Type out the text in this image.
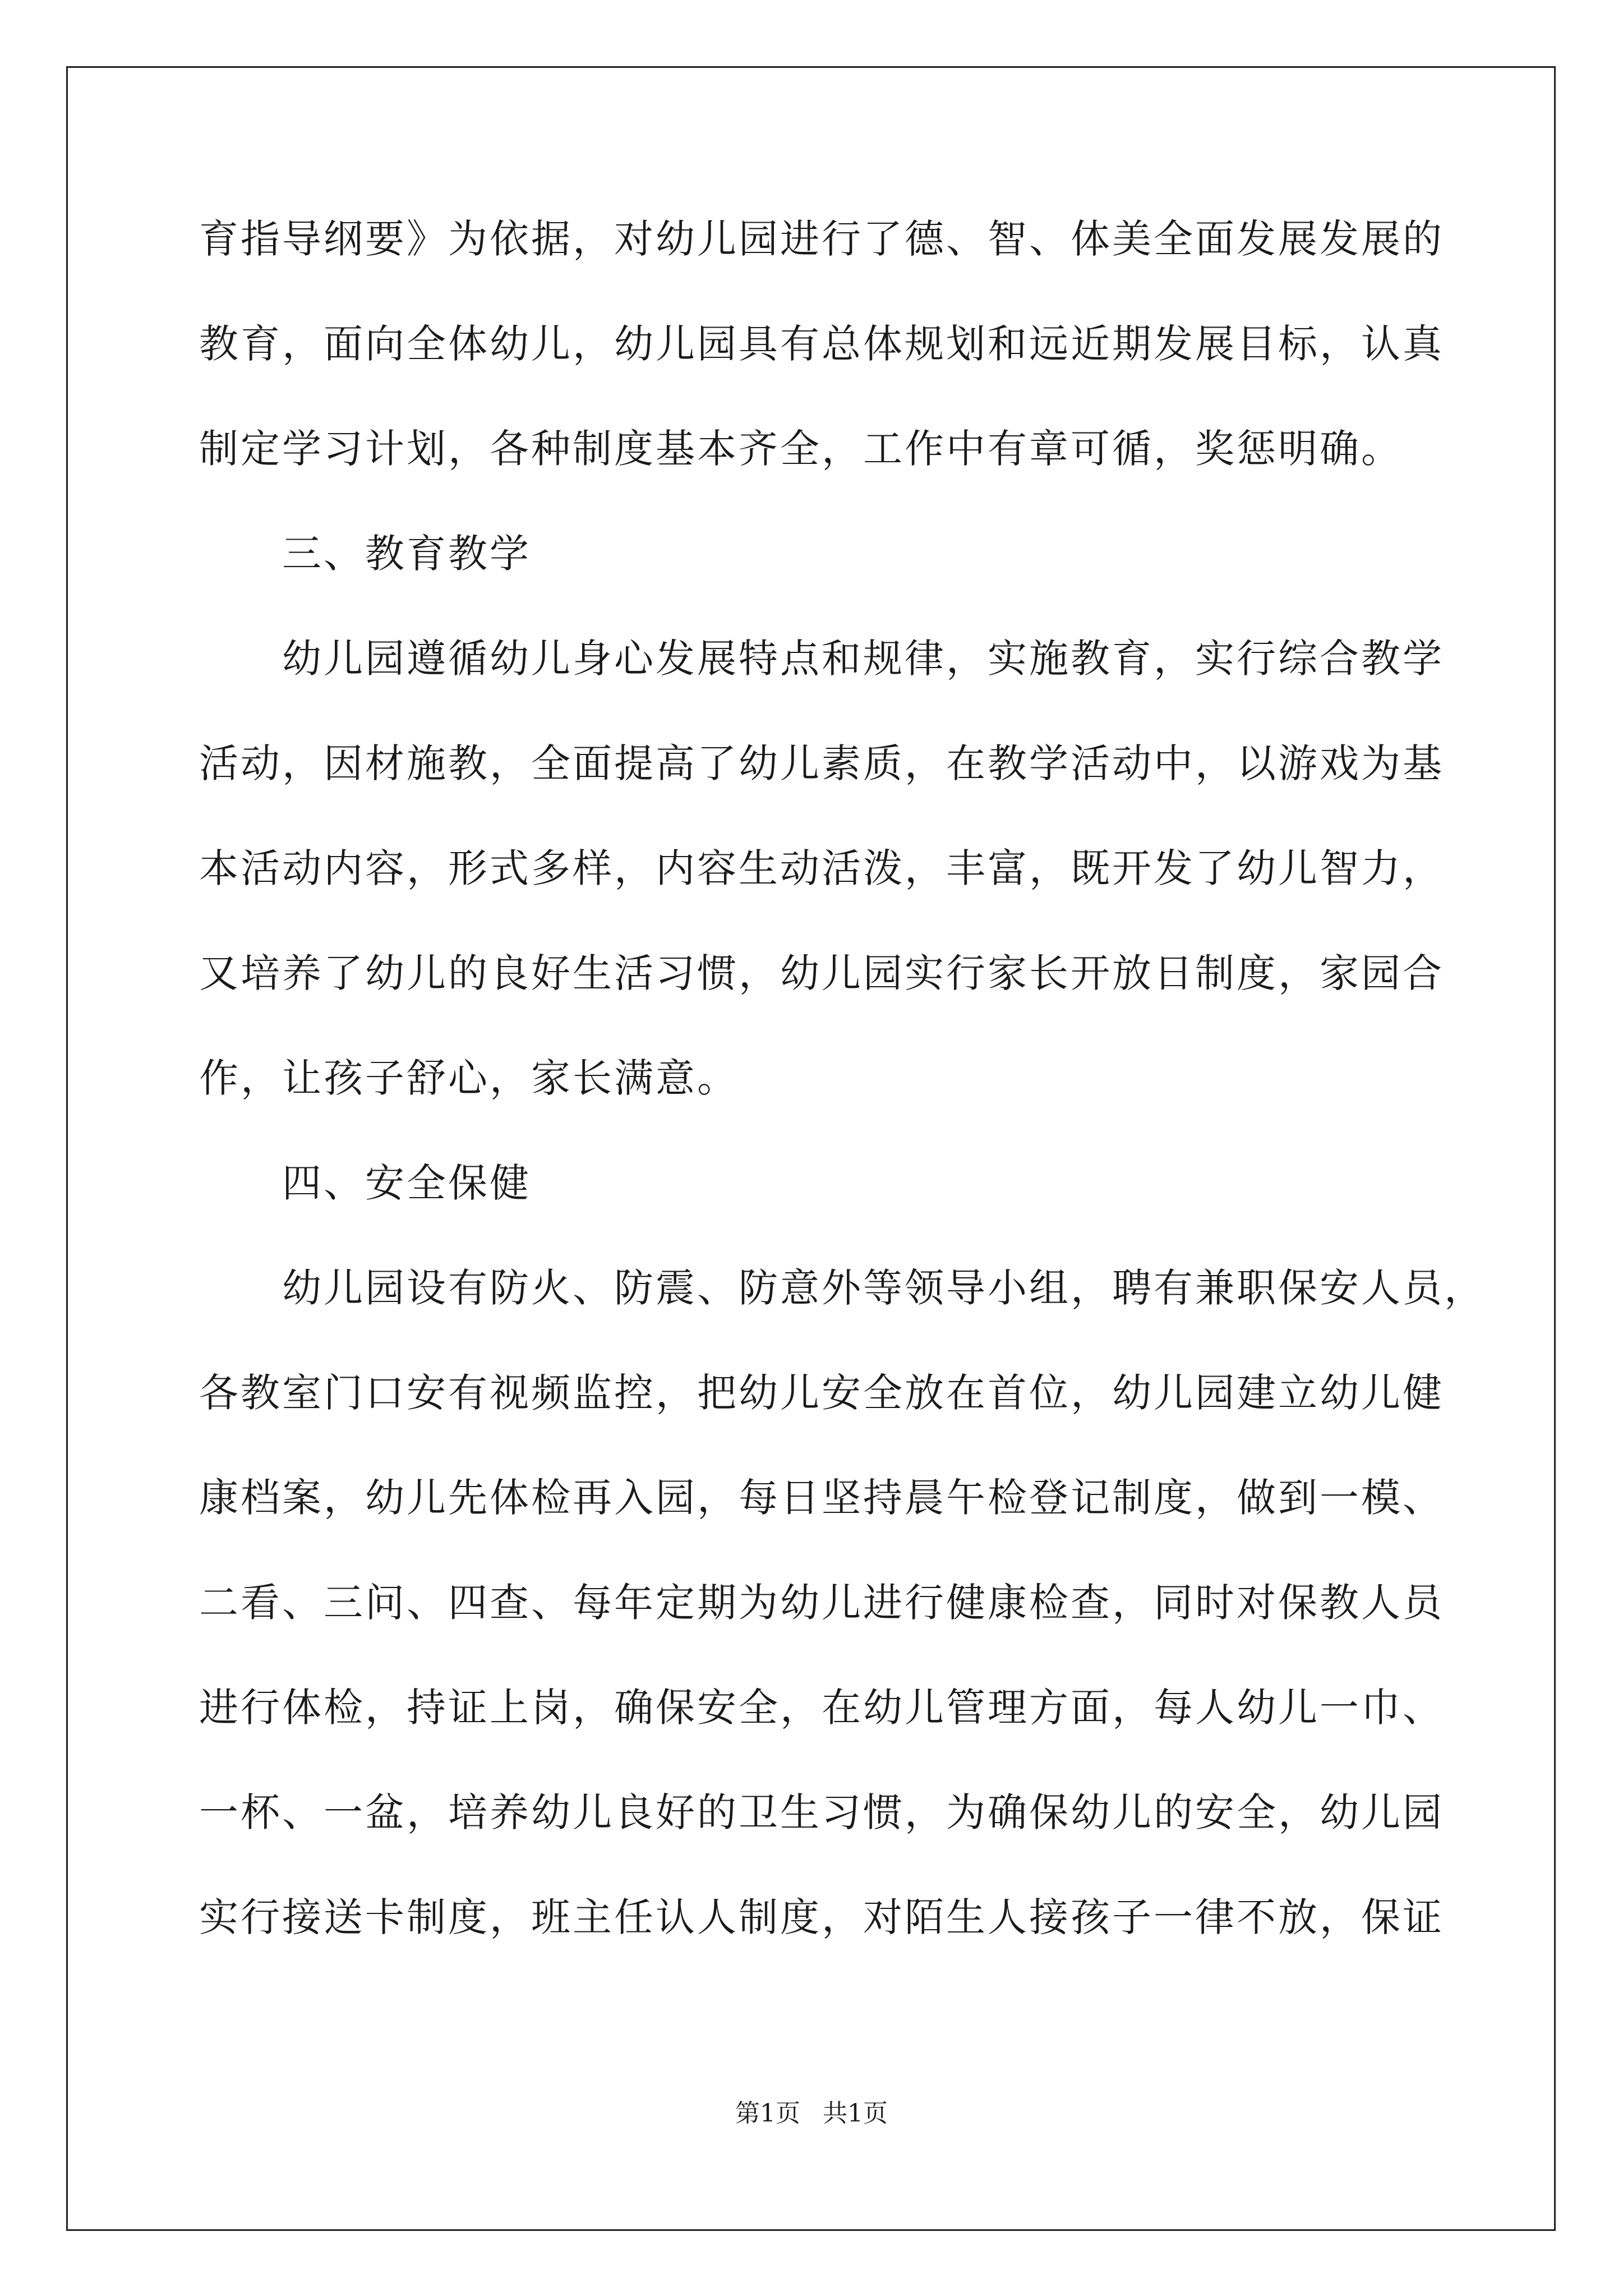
育指导纲要》为依据，对幼儿园进行了德、智、体美全面发展发展的
教育，面向全体幼儿，幼儿园具有总体规划和远近期发展目标，认真
制定学习计划，各种制度基本齐全，工作中有章可循，奖惩明确。
三、教育教学
幼儿园遵循幼儿身心发展特点和规律，实施教育，实行综合教学
活动，因材施教，全面提高了幼儿素质，在教学活动中，以游戏为基
本活动内容，形式多样，内容生动活泼，丰富，既开发了幼儿智力，
又培养了幼儿的良好生活习惯，幼儿园实行家长开放日制度，家园合
作，让孩子舒心，家长满意。
四、安全保健
幼儿园设有防火、防震、防意外等领导小组，聘有兼职保安人员，
各教室门口安有视频监控，把幼儿安全放在首位，幼儿园建立幼儿健
康档案，幼儿先体检再入园，每日坚持晨午检登记制度，做到一模、
二看、三问、四查、每年定期为幼儿进行健康检查，同时对保教人员
进行体检，持证上岗，确保安全，在幼儿管理方面，每人幼儿一巾、
一杯、一盆，培养幼儿良好的卫生习惯，为确保幼儿的安全，幼儿园
实行接送卡制度，班主任认人制度，对陌生人接孩子一律不放，保证
第1页 共1页
